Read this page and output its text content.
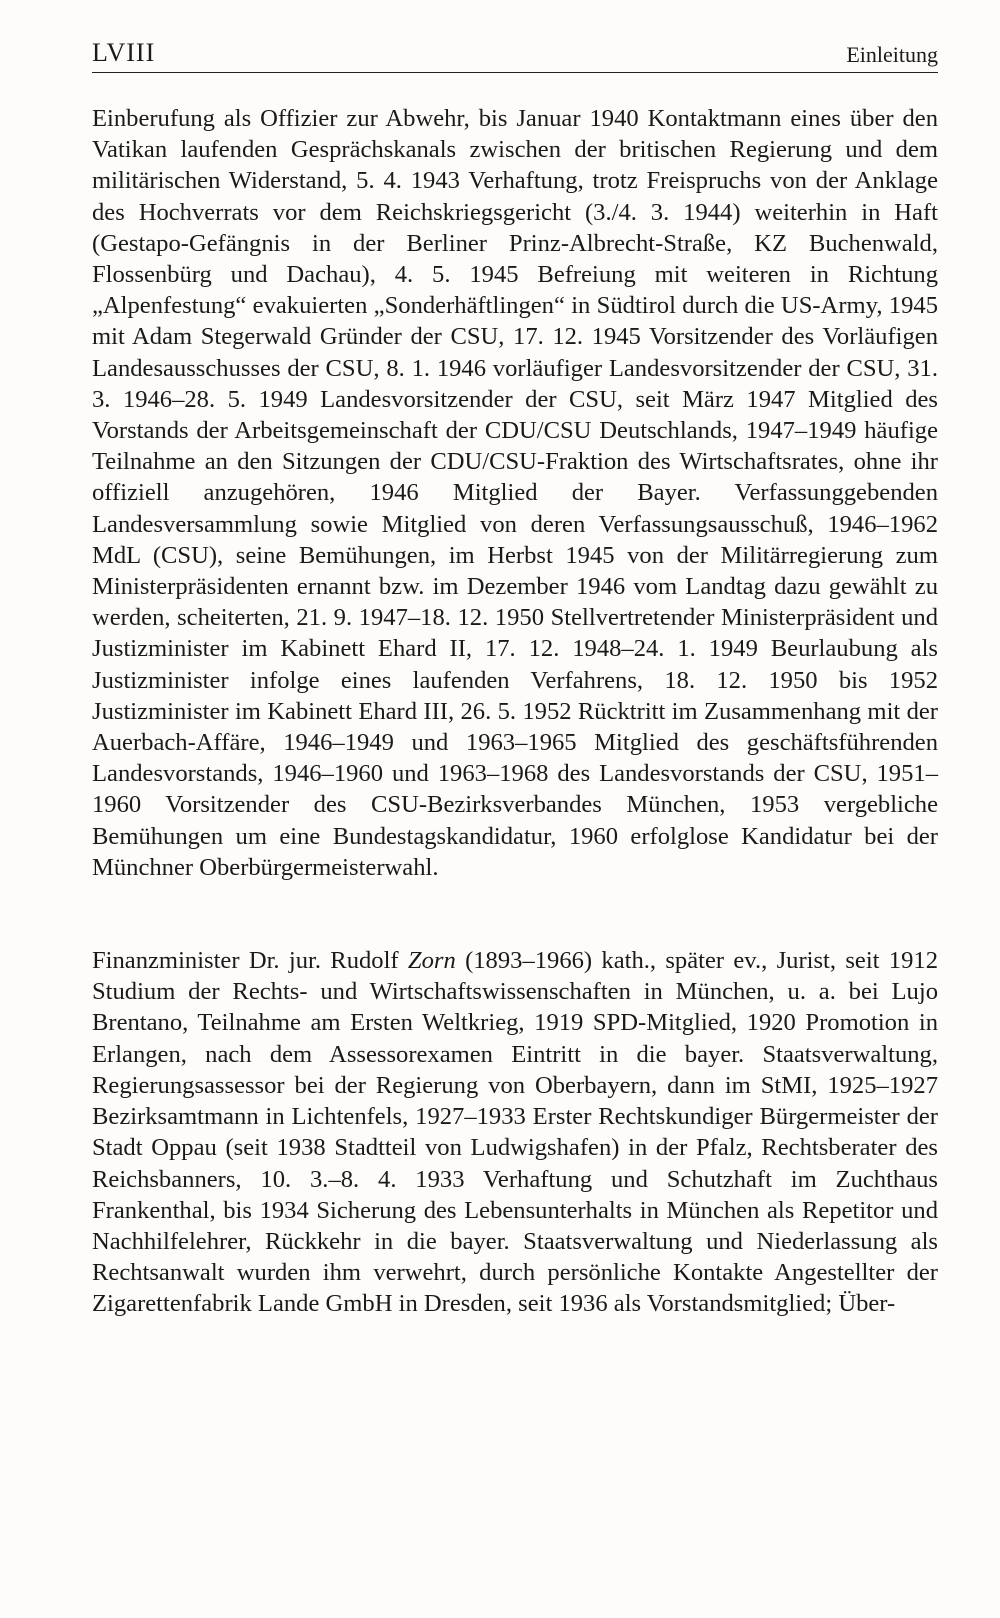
LVIII	Einleitung

Einberufung als Offizier zur Abwehr, bis Januar 1940 Kontaktmann eines über den Vatikan laufenden Gesprächskanals zwischen der britischen Regierung und dem militärischen Widerstand, 5. 4. 1943 Verhaftung, trotz Freispruchs von der Anklage des Hochverrats vor dem Reichskriegsgericht (3./4. 3. 1944) weiterhin in Haft (Gestapo-Gefängnis in der Berliner Prinz-Albrecht-Straße, KZ Buchenwald, Flossenbürg und Dachau), 4. 5. 1945 Befreiung mit weiteren in Richtung „Alpenfestung“ evakuierten „Sonderhäftlingen“ in Südtirol durch die US-Army, 1945 mit Adam Stegerwald Gründer der CSU, 17. 12. 1945 Vorsitzender des Vorläufigen Landesausschusses der CSU, 8. 1. 1946 vorläufiger Landesvorsitzender der CSU, 31. 3. 1946–28. 5. 1949 Landesvorsitzender der CSU, seit März 1947 Mitglied des Vorstands der Arbeitsgemeinschaft der CDU/CSU Deutschlands, 1947–1949 häufige Teilnahme an den Sitzungen der CDU/CSU-Fraktion des Wirtschaftsrates, ohne ihr offiziell anzugehören, 1946 Mitglied der Bayer. Verfassunggebenden Landesversammlung sowie Mitglied von deren Verfassungsausschuß, 1946–1962 MdL (CSU), seine Bemühungen, im Herbst 1945 von der Militärregierung zum Ministerpräsidenten ernannt bzw. im Dezember 1946 vom Landtag dazu gewählt zu werden, scheiterten, 21. 9. 1947–18. 12. 1950 Stellvertretender Ministerpräsident und Justizminister im Kabinett Ehard II, 17. 12. 1948–24. 1. 1949 Beurlaubung als Justizminister infolge eines laufenden Verfahrens, 18. 12. 1950 bis 1952 Justizminister im Kabinett Ehard III, 26. 5. 1952 Rücktritt im Zusammenhang mit der Auerbach-Affäre, 1946–1949 und 1963–1965 Mitglied des geschäftsführenden Landesvorstands, 1946–1960 und 1963–1968 des Landesvorstands der CSU, 1951–1960 Vorsitzender des CSU-Bezirksverbandes München, 1953 vergebliche Bemühungen um eine Bundestagskandidatur, 1960 erfolglose Kandidatur bei der Münchner Oberbürgermeisterwahl.

Finanzminister Dr. jur. Rudolf Zorn (1893–1966) kath., später ev., Jurist, seit 1912 Studium der Rechts- und Wirtschaftswissenschaften in München, u. a. bei Lujo Brentano, Teilnahme am Ersten Weltkrieg, 1919 SPD-Mitglied, 1920 Promotion in Erlangen, nach dem Assessorexamen Eintritt in die bayer. Staatsverwaltung, Regierungsassessor bei der Regierung von Oberbayern, dann im StMI, 1925–1927 Bezirksamtmann in Lichtenfels, 1927–1933 Erster Rechtskundiger Bürgermeister der Stadt Oppau (seit 1938 Stadtteil von Ludwigshafen) in der Pfalz, Rechtsberater des Reichsbanners, 10. 3.–8. 4. 1933 Verhaftung und Schutzhaft im Zuchthaus Frankenthal, bis 1934 Sicherung des Lebensunterhalts in München als Repetitor und Nachhilfelehrer, Rückkehr in die bayer. Staatsverwaltung und Niederlassung als Rechtsanwalt wurden ihm verwehrt, durch persönliche Kontakte Angestellter der Zigarettenfabrik Lande GmbH in Dresden, seit 1936 als Vorstandsmitglied; Über-
